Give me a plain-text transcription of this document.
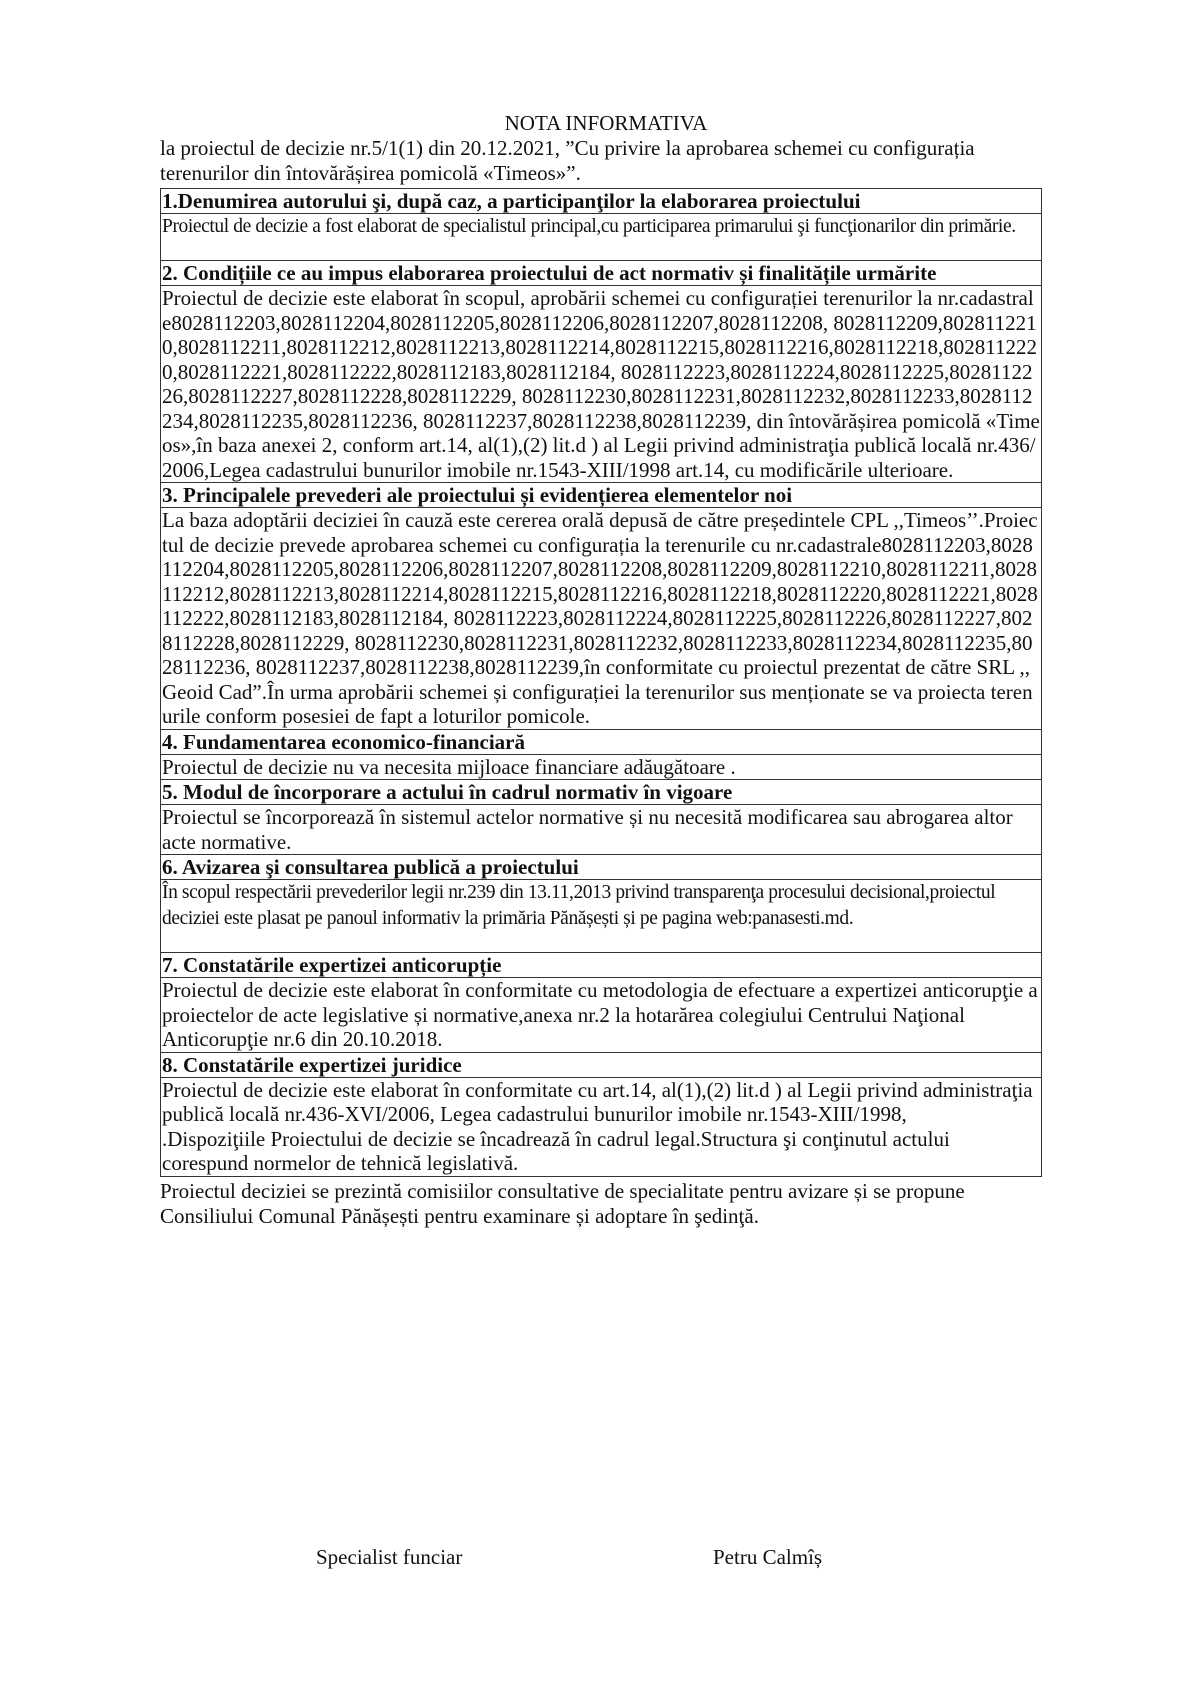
NOTA INFORMATIVA

la proiectul de decizie nr.5/1(1) din 20.12.2021, ”Cu privire la aprobarea schemei cu configurația terenurilor din întovărășirea pomicolă «Timeos»”.

1.Denumirea autorului şi, după caz, a participanţilor la elaborarea proiectului

Proiectul de decizie a fost elaborat de specialistul principal,cu participarea primarului şi funcţionarilor din primărie.

2. Condițiile ce au impus elaborarea proiectului de act normativ și finalitățile urmărite

Proiectul de decizie este elaborat în scopul, aprobării schemei cu configurației terenurilor la nr.cadastrale8028112203,8028112204,8028112205,8028112206,8028112207,8028112208, 8028112209,8028112210,8028112211,8028112212,8028112213,8028112214,8028112215,8028112216,8028112218,8028112220,8028112221,8028112222,8028112183,8028112184, 8028112223,8028112224,8028112225,8028112226,8028112227,8028112228,8028112229, 8028112230,8028112231,8028112232,8028112233,8028112234,8028112235,8028112236, 8028112237,8028112238,8028112239, din întovărășirea pomicolă «Timeos»,în baza anexei 2, conform art.14, al(1),(2) lit.d ) al Legii privind administraţia publică locală nr.436/2006,Legea cadastrului bunurilor imobile nr.1543-XIII/1998 art.14, cu modificările ulterioare.

3. Principalele prevederi ale proiectului și evidențierea elementelor noi

La baza adoptării deciziei în cauză este cererea orală depusă de către președintele CPL ,,Timeos’’.Proiectul de decizie prevede aprobarea schemei cu configurația la terenurile cu nr.cadastrale8028112203,8028112204,8028112205,8028112206,8028112207,8028112208,8028112209,8028112210,8028112211,8028112212,8028112213,8028112214,8028112215,8028112216,8028112218,8028112220,8028112221,8028112222,8028112183,8028112184, 8028112223,8028112224,8028112225,8028112226,8028112227,8028112228,8028112229, 8028112230,8028112231,8028112232,8028112233,8028112234,8028112235,8028112236, 8028112237,8028112238,8028112239,în conformitate cu proiectul prezentat de către SRL ,,Geoid Cad”.În urma aprobării schemei și configurației la terenurilor sus menționate se va proiecta terenurile conform posesiei de fapt a loturilor pomicole.

4. Fundamentarea economico-financiară

Proiectul de decizie nu va necesita mijloace financiare adăugătoare .

5. Modul de încorporare a actului în cadrul normativ în vigoare

Proiectul se încorporează în sistemul actelor normative și nu necesită modificarea sau abrogarea altor acte normative.

6. Avizarea şi consultarea publică a proiectului

În scopul respectării prevederilor legii nr.239 din 13.11,2013 privind transparenţa procesului decisional,proiectul deciziei este plasat pe panoul informativ la primăria Pănășești și pe pagina web:panasesti.md.

7. Constatările expertizei anticorupție

Proiectul de decizie este elaborat în conformitate cu metodologia de efectuare a expertizei anticorupţie a proiectelor de acte legislative și normative,anexa nr.2 la hotarărea colegiului Centrului Naţional Anticorupţie nr.6 din 20.10.2018.

8. Constatările expertizei juridice

Proiectul de decizie este elaborat în conformitate cu art.14, al(1),(2) lit.d ) al Legii privind administraţia publică locală nr.436-XVI/2006, Legea cadastrului bunurilor imobile nr.1543-XIII/1998,
.Dispoziţiile Proiectului de decizie se încadrează în cadrul legal.Structura şi conţinutul actului corespund normelor de tehnică legislativă.

Proiectul deciziei se prezintă comisiilor consultative de specialitate pentru avizare și se propune Consiliului Comunal Pănășești pentru examinare și adoptare în şedinţă.

Specialist funciar	Petru Calmîș
